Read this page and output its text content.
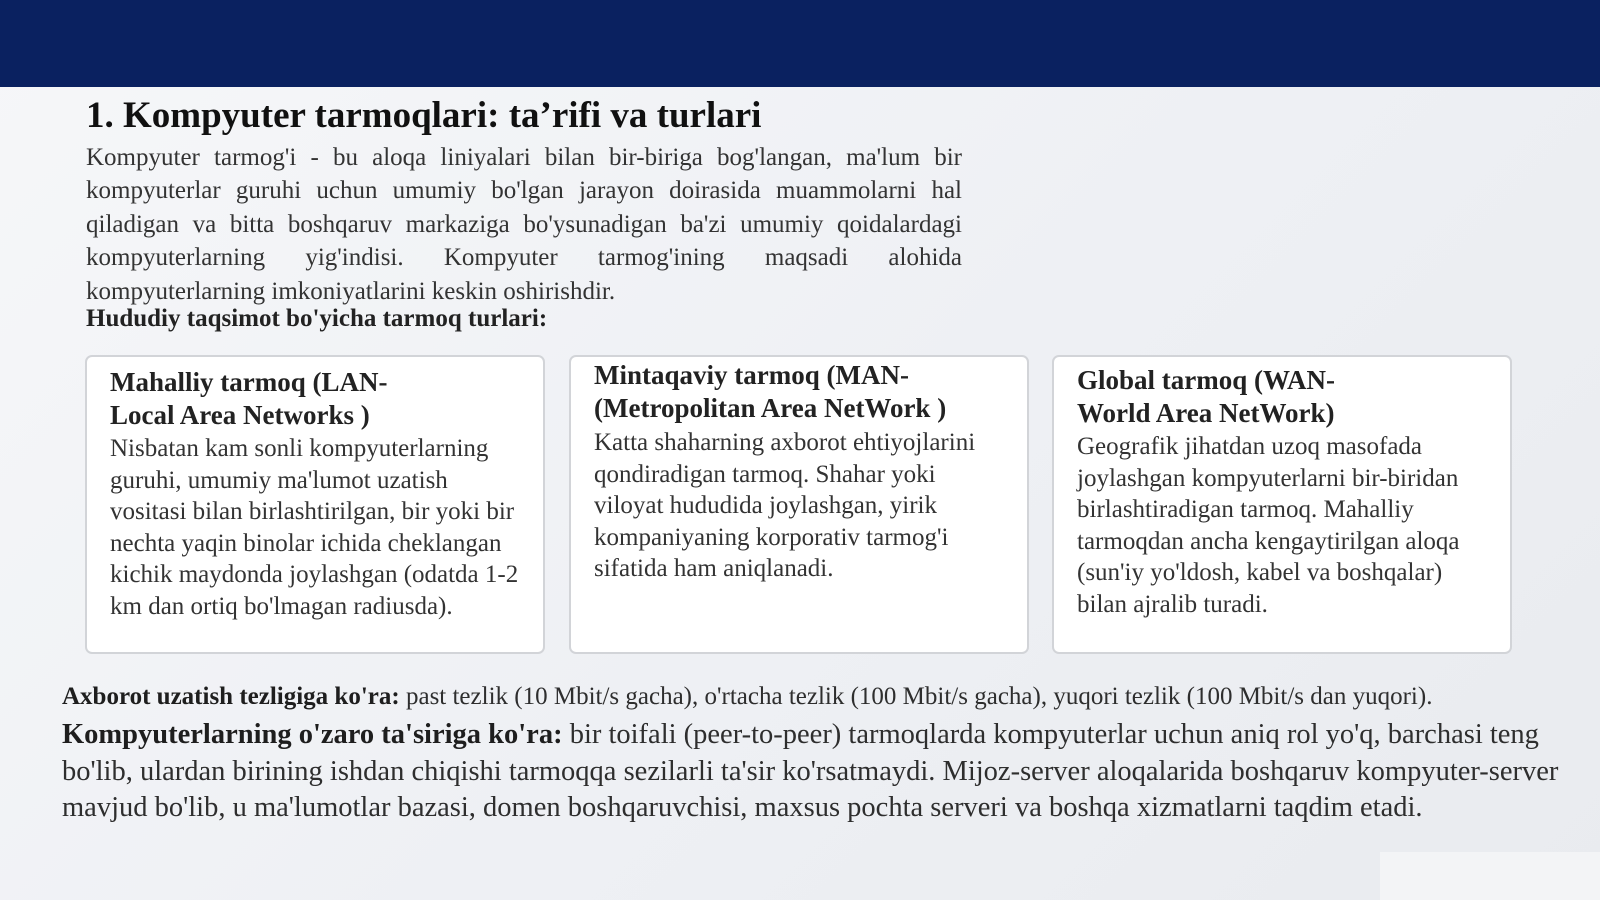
1. Kompyuter tarmoqlari: ta’rifi va turlari

Kompyuter tarmog'i - bu aloqa liniyalari bilan bir-biriga bog'langan, ma'lum bir kompyuterlar guruhi uchun umumiy bo'lgan jarayon doirasida muammolarni hal qiladigan va bitta boshqaruv markaziga bo'ysunadigan ba'zi umumiy qoidalardagi kompyuterlarning yig'indisi. Kompyuter tarmog'ining maqsadi alohida kompyuterlarning imkoniyatlarini keskin oshirishdir.

Hududiy taqsimot bo'yicha tarmoq turlari:
Mahalliy tarmoq (LAN-
Local Area Networks )

Nisbatan kam sonli kompyuterlarning guruhi, umumiy ma'lumot uzatish vositasi bilan birlashtirilgan, bir yoki bir nechta yaqin binolar ichida cheklangan kichik maydonda joylashgan (odatda 1-2 km dan ortiq bo'lmagan radiusda).

Mintaqaviy tarmoq (MAN-
(Metropolitan Area NetWork )

Katta shaharning axborot ehtiyojlarini qondiradigan tarmoq. Shahar yoki viloyat hududida joylashgan, yirik kompaniyaning korporativ tarmog'i sifatida ham aniqlanadi.

Global tarmoq (WAN-
World Area NetWork)

Geografik jihatdan uzoq masofada joylashgan kompyuterlarni bir-biridan birlashtiradigan tarmoq. Mahalliy tarmoqdan ancha kengaytirilgan aloqa (sun'iy yo'ldosh, kabel va boshqalar) bilan ajralib turadi.

Axborot uzatish tezligiga ko'ra: past tezlik (10 Mbit/s gacha), o'rtacha tezlik (100 Mbit/s gacha), yuqori tezlik (100 Mbit/s dan yuqori).

Kompyuterlarning o'zaro ta'siriga ko'ra: bir toifali (peer-to-peer) tarmoqlarda kompyuterlar uchun aniq rol yo'q, barchasi teng bo'lib, ulardan birining ishdan chiqishi tarmoqqa sezilarli ta'sir ko'rsatmaydi. Mijoz-server aloqalarida boshqaruv kompyuter-server mavjud bo'lib, u ma'lumotlar bazasi, domen boshqaruvchisi, maxsus pochta serveri va boshqa xizmatlarni taqdim etadi.
